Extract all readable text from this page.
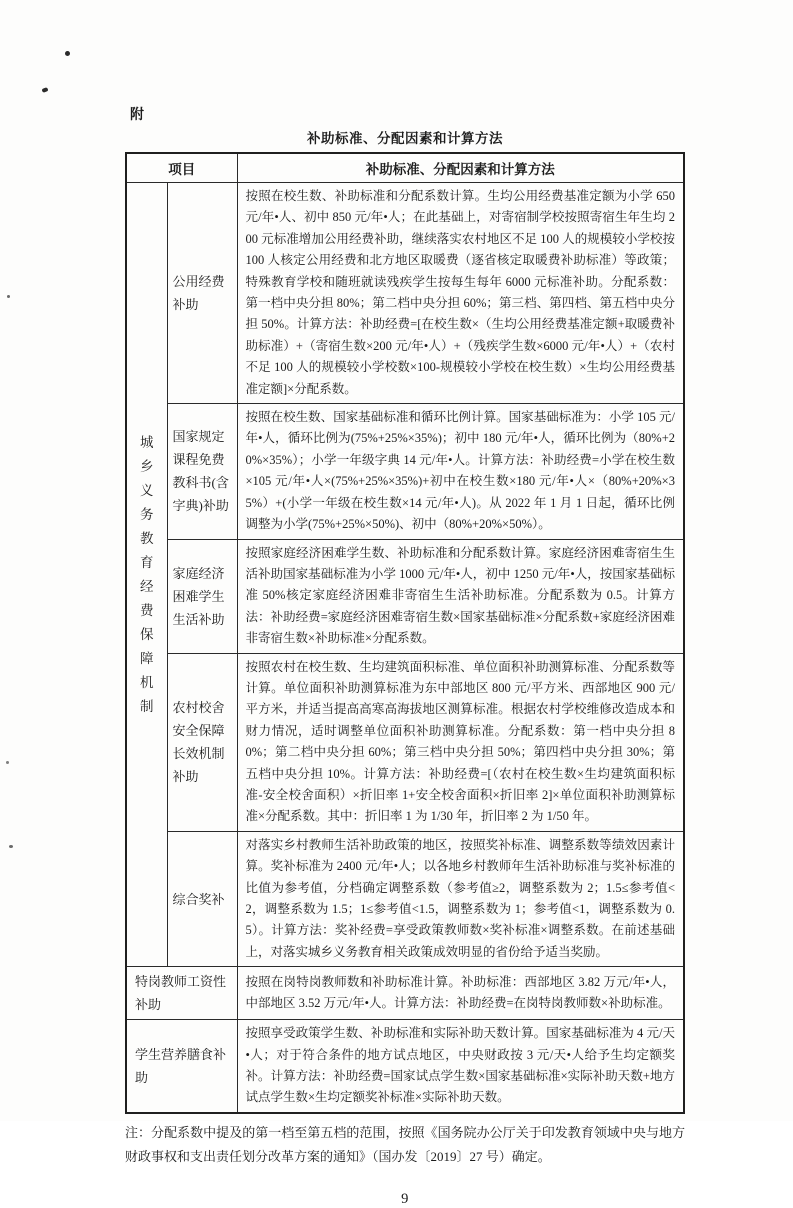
附
补助标准、分配因素和计算方法
项目		补助标准、分配因素和计算方法

城乡义务教育经费保障机制	公用经费补助	按照在校生数、补助标准和分配系数计算。生均公用经费基准定额为小学 650 元/年•人、初中 850 元/年•人；在此基础上，对寄宿制学校按照寄宿生年生均 200 元标准增加公用经费补助，继续落实农村地区不足 100 人的规模较小学校按 100 人核定公用经费和北方地区取暖费（逐省核定取暖费补助标准）等政策；特殊教育学校和随班就读残疾学生按每生每年 6000 元标准补助。分配系数：第一档中央分担 80%；第二档中央分担 60%；第三档、第四档、第五档中央分担 50%。计算方法：补助经费=[在校生数×（生均公用经费基准定额+取暖费补助标准）+（寄宿生数×200 元/年•人）+（残疾学生数×6000 元/年•人）+（农村不足 100 人的规模较小学校数×100-规模较小学校在校生数）×生均公用经费基准定额]×分配系数。
	国家规定课程免费教科书(含字典)补助	按照在校生数、国家基础标准和循环比例计算。国家基础标准为：小学 105 元/年•人，循环比例为(75%+25%×35%)；初中 180 元/年•人，循环比例为（80%+20%×35%）；小学一年级字典 14 元/年•人。计算方法：补助经费=小学在校生数×105 元/年•人×(75%+25%×35%)+初中在校生数×180 元/年•人×（80%+20%×35%）+(小学一年级在校生数×14 元/年•人)。从 2022 年 1 月 1 日起，循环比例调整为小学(75%+25%×50%)、初中（80%+20%×50%）。
	家庭经济困难学生生活补助	按照家庭经济困难学生数、补助标准和分配系数计算。家庭经济困难寄宿生生活补助国家基础标准为小学 1000 元/年•人，初中 1250 元/年•人，按国家基础标准 50%核定家庭经济困难非寄宿生生活补助标准。分配系数为 0.5。计算方法：补助经费=家庭经济困难寄宿生数×国家基础标准×分配系数+家庭经济困难非寄宿生数×补助标准×分配系数。
	农村校舍安全保障长效机制补助	按照农村在校生数、生均建筑面积标准、单位面积补助测算标准、分配系数等计算。单位面积补助测算标准为东中部地区 800 元/平方米、西部地区 900 元/平方米，并适当提高高寒高海拔地区测算标准。根据农村学校维修改造成本和财力情况，适时调整单位面积补助测算标准。分配系数：第一档中央分担 80%；第二档中央分担 60%；第三档中央分担 50%；第四档中央分担 30%；第五档中央分担 10%。计算方法：补助经费=[（农村在校生数×生均建筑面积标准-安全校舍面积）×折旧率 1+安全校舍面积×折旧率 2]×单位面积补助测算标准×分配系数。其中：折旧率 1 为 1/30 年，折旧率 2 为 1/50 年。
	综合奖补	对落实乡村教师生活补助政策的地区，按照奖补标准、调整系数等绩效因素计算。奖补标准为 2400 元/年•人；以各地乡村教师年生活补助标准与奖补标准的比值为参考值，分档确定调整系数（参考值≥2，调整系数为 2；1.5≤参考值<2，调整系数为 1.5；1≤参考值<1.5，调整系数为 1；参考值<1，调整系数为 0.5）。计算方法：奖补经费=享受政策教师数×奖补标准×调整系数。在前述基础上，对落实城乡义务教育相关政策成效明显的省份给予适当奖励。
特岗教师工资性补助		按照在岗特岗教师数和补助标准计算。补助标准：西部地区 3.82 万元/年•人，中部地区 3.52 万元/年•人。计算方法：补助经费=在岗特岗教师数×补助标准。
学生营养膳食补助		按照享受政策学生数、补助标准和实际补助天数计算。国家基础标准为 4 元/天•人；对于符合条件的地方试点地区，中央财政按 3 元/天•人给予生均定额奖补。计算方法：补助经费=国家试点学生数×国家基础标准×实际补助天数+地方试点学生数×生均定额奖补标准×实际补助天数。
注：分配系数中提及的第一档至第五档的范围，按照《国务院办公厅关于印发教育领域中央与地方财政事权和支出责任划分改革方案的通知》（国办发〔2019〕27 号）确定。
9
